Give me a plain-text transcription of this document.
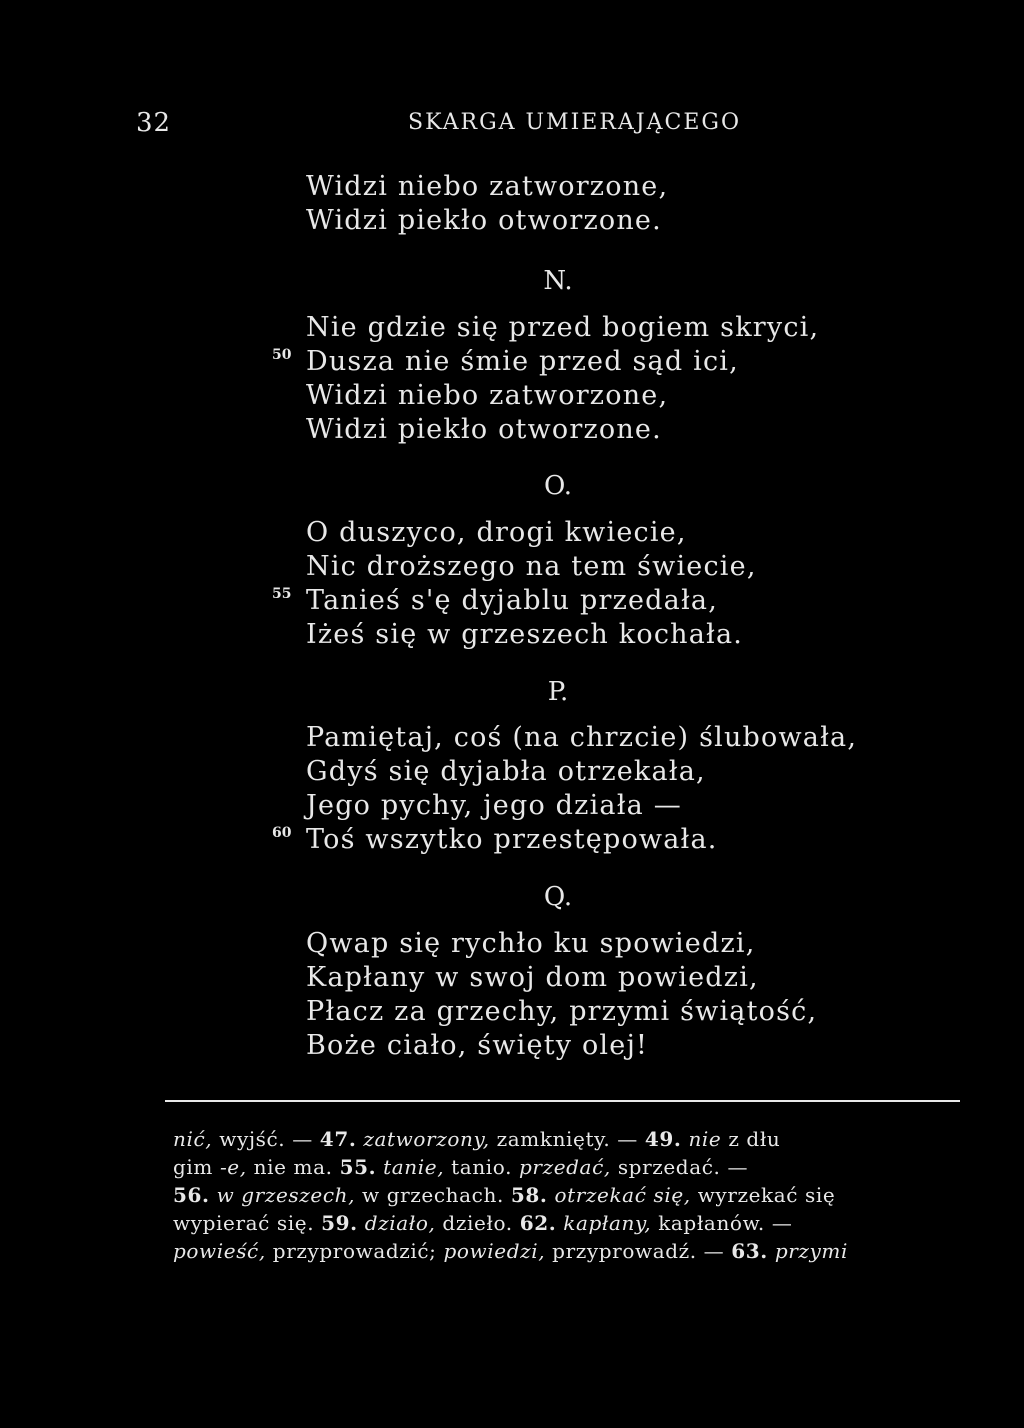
32	SKARGA UMIERAJĄCEGO
Widzi niebo zatworzone,
Widzi piekło otworzone.
N.
Nie gdzie się przed bogiem skryci,
Dusza nie śmie przed sąd ici,
Widzi niebo zatworzone,
Widzi piekło otworzone.
50
O.
O duszyco, drogi kwiecie,
Nic droższego na tem świecie,
Tanieś s'ę dyjablu przedała,
Iżeś się w grzeszech kochała.
55
P.
Pamiętaj, coś (na chrzcie) ślubowała,
Gdyś się dyjabła otrzekała,
Jego pychy, jego działa —
Toś wszytko przestępowała.
60
Q.
Qwap się rychło ku spowiedzi,
Kapłany w swoj dom powiedzi,
Płacz za grzechy, przymi świątość,
Boże ciało, święty olej!
nić, wyjść. — 47. zatworzony, zamknięty. — 49. nie z dłu
gim -e, nie ma. 55. tanie, tanio. przedać, sprzedać. —
56. w grzeszech, w grzechach. 58. otrzekać się, wyrzekać się
wypierać się. 59. działo, dzieło. 62. kapłany, kapłanów. —
powieść, przyprowadzić; powiedzi, przyprowadź. — 63. przymi
